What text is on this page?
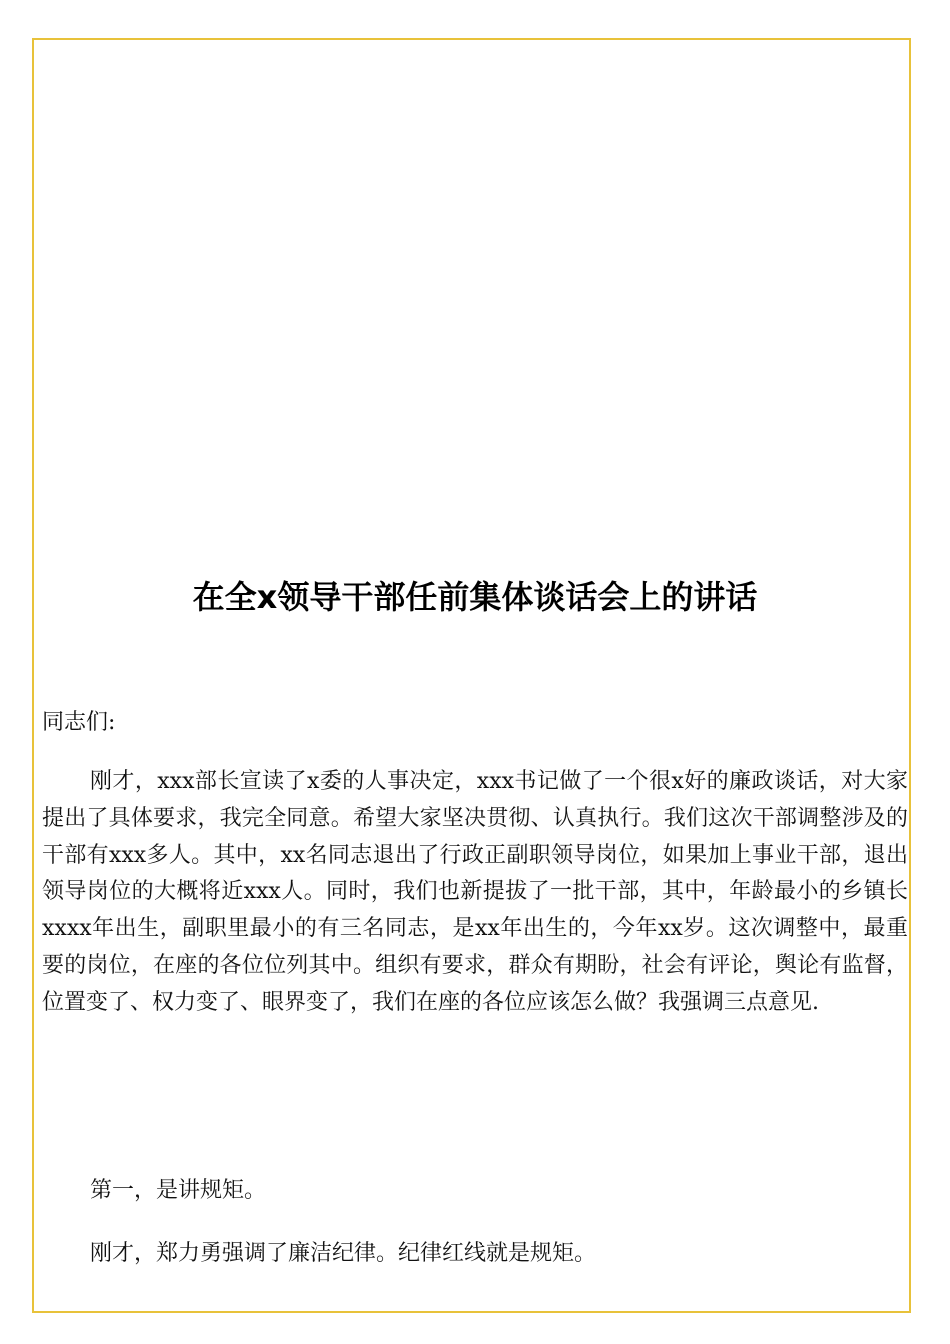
在全x领导干部任前集体谈话会上的讲话
同志们:

刚才，xxx部长宣读了x委的人事决定，xxx书记做了一个很x好的廉政谈话，对大家提出了具体要求，我完全同意。希望大家坚决贯彻、认真执行。我们这次干部调整涉及的干部有xxx多人。其中，xx名同志退出了行政正副职领导岗位，如果加上事业干部，退出领导岗位的大概将近xxx人。同时，我们也新提拔了一批干部，其中，年龄最小的乡镇长xxxx年出生，副职里最小的有三名同志，是xx年出生的，今年xx岁。这次调整中，最重要的岗位，在座的各位位列其中。组织有要求，群众有期盼，社会有评论，舆论有监督，位置变了、权力变了、眼界变了，我们在座的各位应该怎么做？我强调三点意见.

第一，是讲规矩。

刚才，郑力勇强调了廉洁纪律。纪律红线就是规矩。
